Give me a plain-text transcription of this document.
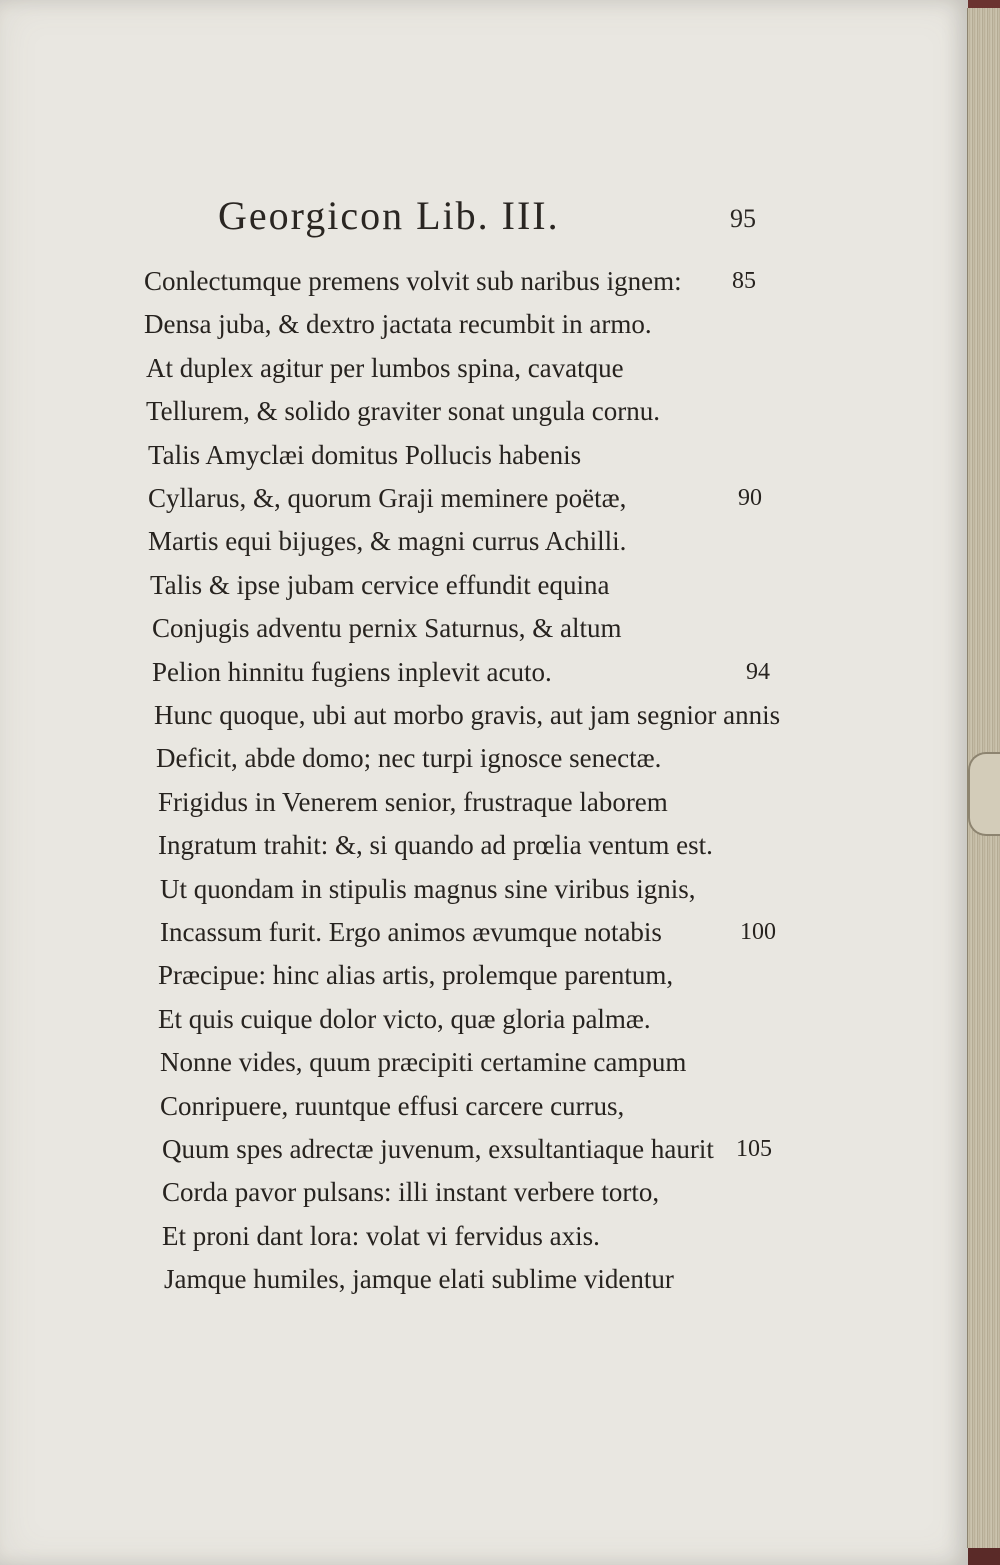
Georgicon Lib. III.	95
Conlectumque premens volvit sub naribus ignem: 85
Densa juba, & dextro jactata recumbit in armo.
At duplex agitur per lumbos spina, cavatque
Tellurem, & solido graviter sonat ungula cornu.
Talis Amyclæi domitus Pollucis habenis
Cyllarus, &, quorum Graji meminere poëtæ,	90
Martis equi bijuges, & magni currus Achilli.
Talis & ipse jubam cervice effundit equina
Conjugis adventu pernix Saturnus, & altum
Pelion hinnitu fugiens inplevit acuto.	94
Hunc quoque, ubi aut morbo gravis, aut jam segnior annis
Deficit, abde domo; nec turpi ignosce senectæ.
Frigidus in Venerem senior, frustraque laborem
Ingratum trahit: &, si quando ad prœlia ventum est.
Ut quondam in stipulis magnus sine viribus ignis,
Incassum furit. Ergo animos ævumque notabis	100
Præcipue: hinc alias artis, prolemque parentum,
Et quis cuique dolor victo, quæ gloria palmæ.
Nonne vides, quum præcipiti certamine campum
Conripuere, ruuntque effusi carcere currus,
Quum spes adrectæ juvenum, exsultantiaque haurit 105
Corda pavor pulsans: illi instant verbere torto,
Et proni dant lora: volat vi fervidus axis.
Jamque humiles, jamque elati sublime videntur
